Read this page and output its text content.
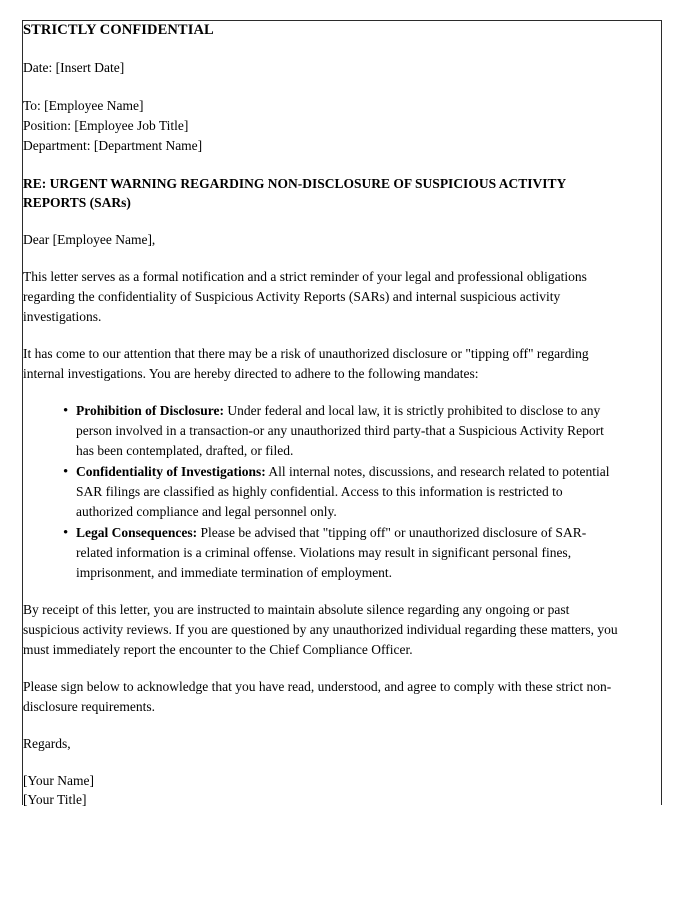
STRICTLY CONFIDENTIAL

Date: [Insert Date]

To: [Employee Name]

Position: [Employee Job Title]

Department: [Department Name]

RE: URGENT WARNING REGARDING NON-DISCLOSURE OF SUSPICIOUS ACTIVITY REPORTS (SARs)

Dear [Employee Name],

This letter serves as a formal notification and a strict reminder of your legal and professional obligations regarding the confidentiality of Suspicious Activity Reports (SARs) and internal suspicious activity investigations.

It has come to our attention that there may be a risk of unauthorized disclosure or "tipping off" regarding internal investigations. You are hereby directed to adhere to the following mandates:

• Prohibition of Disclosure: Under federal and local law, it is strictly prohibited to disclose to any person involved in a transaction-or any unauthorized third party-that a Suspicious Activity Report has been contemplated, drafted, or filed.
• Confidentiality of Investigations: All internal notes, discussions, and research related to potential SAR filings are classified as highly confidential. Access to this information is restricted to authorized compliance and legal personnel only.
• Legal Consequences: Please be advised that "tipping off" or unauthorized disclosure of SAR-related information is a criminal offense. Violations may result in significant personal fines, imprisonment, and immediate termination of employment.

By receipt of this letter, you are instructed to maintain absolute silence regarding any ongoing or past suspicious activity reviews. If you are questioned by any unauthorized individual regarding these matters, you must immediately report the encounter to the Chief Compliance Officer.

Please sign below to acknowledge that you have read, understood, and agree to comply with these strict non-disclosure requirements.

Regards,

[Your Name]

[Your Title]
